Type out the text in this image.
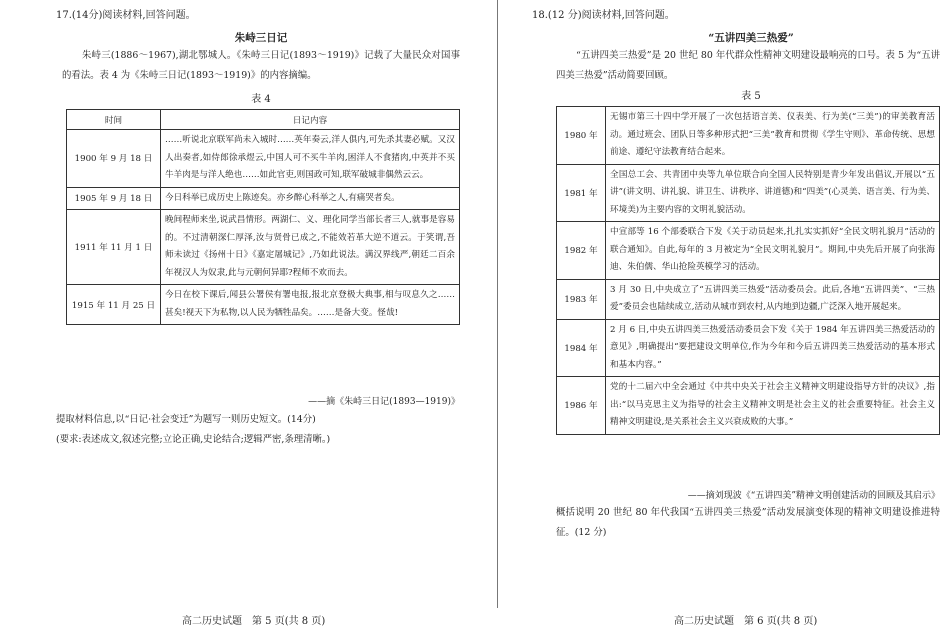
17.(14分)阅读材料,回答问题。
朱峙三日记
朱峙三(1886～1967),湖北鄂城人。《朱峙三日记(1893～1919)》记载了大量民众对国事的看法。表 4 为《朱峙三日记(1893～1919)》的内容摘编。
表 4
时间	日记内容
1900 年 9 月 18 日	……听说北京联军尚未入城时……英年奏云,洋人俱内,可先杀其妻必赋。又汉人出奏者,如侍郎徐承煜云,中国人可不买牛羊肉,困洋人不食猪肉,中英并不买牛羊肉是与洋人绝也……如此官吏,则国政可知,联军破城非偶然云云。
1905 年 9 月 18 日	今日科举已成历史上陈迹矣。亦乡醉心科举之人,有痛哭者矣。
1911 年 11 月 1 日	晚间程师来坐,说武昌情形。两湖仁、义、理化同学当部长者三人,就事是容易的。不过清朝深仁厚泽,汝与贤骨已成之,不能效若革大逆不道云。于笑谓,吾师未读过《扬州十日》《嘉定屠城记》,乃如此说法。满汉界线严,朝廷二百余年视汉人为奴隶,此与元朝何异耶?程师不欢而去。
1915 年 11 月 25 日	今日在校下课后,闻县公署侯有署电报,报北京登极大典事,相与叹息久之……甚矣!视天下为私物,以人民为牺牲品矣。……是备大变。怪哉!
——摘《朱峙三日记(1893—1919)》
提取材料信息,以“日记·社会变迁”为题写一则历史短文。(14分)
(要求:表述成文,叙述完整;立论正确,史论结合;逻辑严密,条理清晰。)
高二历史试题　第 5 页(共 8 页)
18.(12 分)阅读材料,回答问题。
“五讲四美三热爱”
“五讲四美三热爱”是 20 世纪 80 年代群众性精神文明建设最响亮的口号。表 5 为“五讲四美三热爱”活动简要回顾。
表 5
1980 年	无锡市第三十四中学开展了一次包括语言美、仪表美、行为美(“三美”)的审美教育活动。通过班会、团队日等多种形式把“三美”教育和贯彻《学生守则》、革命传统、思想前途、遵纪守法教育结合起来。
1981 年	全国总工会、共青团中央等九单位联合向全国人民特别是青少年发出倡议,开展以“五讲”(讲文明、讲礼貌、讲卫生、讲秩序、讲道德)和“四美”(心灵美、语言美、行为美、环境美)为主要内容的文明礼貌活动。
1982 年	中宣部等 16 个部委联合下发《关于动员起来,扎扎实实抓好“全民文明礼貌月”活动的联合通知》。自此,每年的 3 月被定为“全民文明礼貌月”。期间,中央先后开展了向张海迪、朱伯儒、华山抢险英模学习的活动。
1983 年	3 月 30 日,中央成立了“五讲四美三热爱”活动委员会。此后,各地“五讲四美”、“三热爱”委员会也陆续成立,活动从城市到农村,从内地到边疆,广泛深入地开展起来。
1984 年	2 月 6 日,中央五讲四美三热爱活动委员会下发《关于 1984 年五讲四美三热爱活动的意见》,明确提出“要把建设文明单位,作为今年和今后五讲四美三热爱活动的基本形式和基本内容。”
1986 年	党的十二届六中全会通过《中共中央关于社会主义精神文明建设指导方针的决议》,指出:“以马克思主义为指导的社会主义精神文明是社会主义的社会重要特征。社会主义精神文明建设,是关系社会主义兴衰成败的大事。”
——摘刘现波《“五讲四美”精神文明创建活动的回顾及其启示》
概括说明 20 世纪 80 年代我国“五讲四美三热爱”活动发展演变体现的精神文明建设推进特征。(12 分)
高二历史试题　第 6 页(共 8 页)
